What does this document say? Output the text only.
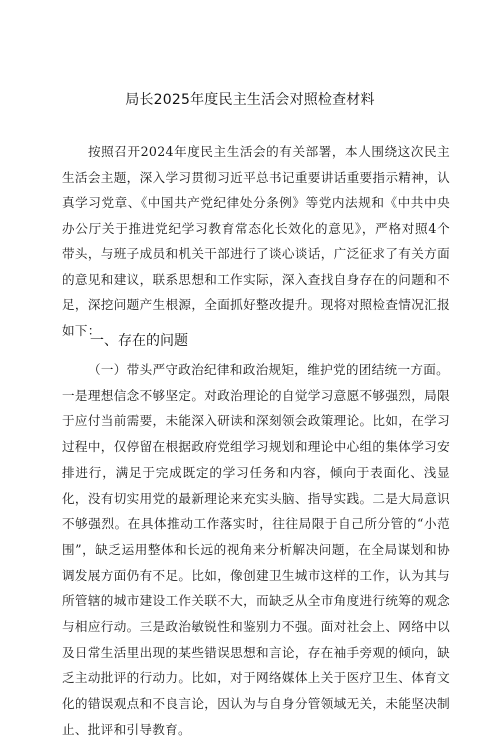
局长2025年度民主生活会对照检查材料

按照召开2024年度民主生活会的有关部署，本人围绕这次民主生活会主题，深入学习贯彻习近平总书记重要讲话重要指示精神，认真学习党章、《中国共产党纪律处分条例》等党内法规和《中共中央办公厅关于推进党纪学习教育常态化长效化的意见》，严格对照4个带头，与班子成员和机关干部进行了谈心谈话，广泛征求了有关方面的意见和建议，联系思想和工作实际，深入查找自身存在的问题和不足，深挖问题产生根源，全面抓好整改提升。现将对照检查情况汇报如下：

一、存在的问题
（一）带头严守政治纪律和政治规矩，维护党的团结统一方面。
一是理想信念不够坚定。对政治理论的自觉学习意愿不够强烈，局限于应付当前需要，未能深入研读和深刻领会政策理论。比如，在学习过程中，仅停留在根据政府党组学习规划和理论中心组的集体学习安排进行，满足于完成既定的学习任务和内容，倾向于表面化、浅显化，没有切实用党的最新理论来充实头脑、指导实践。二是大局意识不够强烈。在具体推动工作落实时，往往局限于自己所分管的“小范围”，缺乏运用整体和长远的视角来分析解决问题，在全局谋划和协调发展方面仍有不足。比如，像创建卫生城市这样的工作，认为其与所管辖的城市建设工作关联不大，而缺乏从全市角度进行统筹的观念与相应行动。三是政治敏锐性和鉴别力不强。面对社会上、网络中以及日常生活里出现的某些错误思想和言论，存在袖手旁观的倾向，缺乏主动批评的行动力。比如，对于网络媒体上关于医疗卫生、体育文化的错误观点和不良言论，因认为与自身分管领域无关，未能坚决制止、批评和引导教育。
